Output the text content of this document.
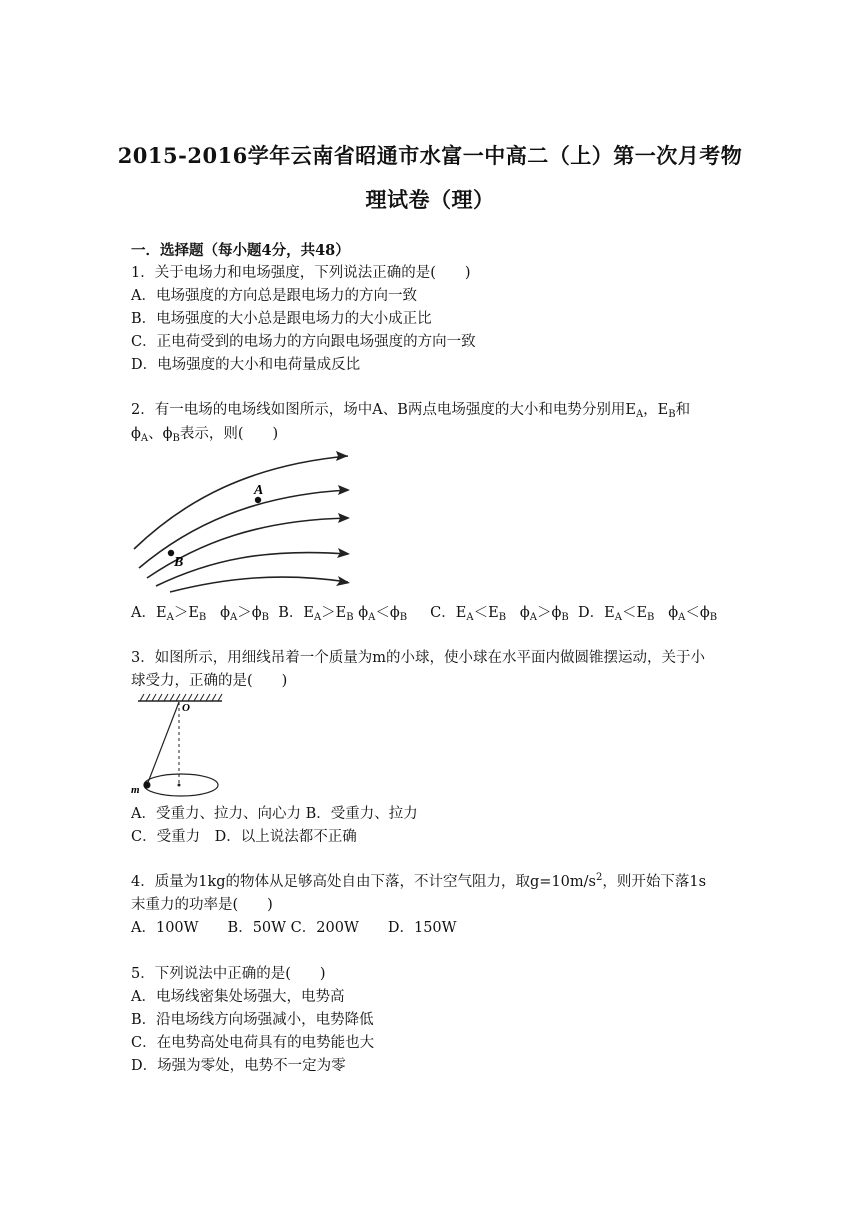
2015-2016学年云南省昭通市水富一中高二（上）第一次月考物
理试卷（理）
一．选择题（每小题4分，共48）
1．关于电场力和电场强度，下列说法正确的是(　　)
A．电场强度的方向总是跟电场力的方向一致
B．电场强度的大小总是跟电场力的大小成正比
C．正电荷受到的电场力的方向跟电场强度的方向一致
D．电场强度的大小和电荷量成反比
2．有一电场的电场线如图所示，场中A、B两点电场强度的大小和电势分别用$E_A$，$E_B$和
$\phi_A$、$\phi_B$表示，则(　　)
A
B
A．$E_A>E_B$ $\phi_A>\phi_B$ B．$E_A>E_B$ $\phi_A<\phi_B$ C．$E_A<E_B$ $\phi_A>\phi_B$ D．$E_A<E_B$ $\phi_A<\phi_B$
3．如图所示，用细线吊着一个质量为m的小球，使小球在水平面内做圆锥摆运动，关于小
球受力，正确的是(　　)
O
m
A．受重力、拉力、向心力 B．受重力、拉力
C．受重力　D．以上说法都不正确
4．质量为1kg的物体从足够高处自由下落，不计空气阻力，取$g=10m/s^2$，则开始下落1s
末重力的功率是(　　)
A．100W　　B．50W C．200W　　D．150W
5．下列说法中正确的是(　　)
A．电场线密集处场强大，电势高
B．沿电场线方向场强减小，电势降低
C．在电势高处电荷具有的电势能也大
D．场强为零处，电势不一定为零
